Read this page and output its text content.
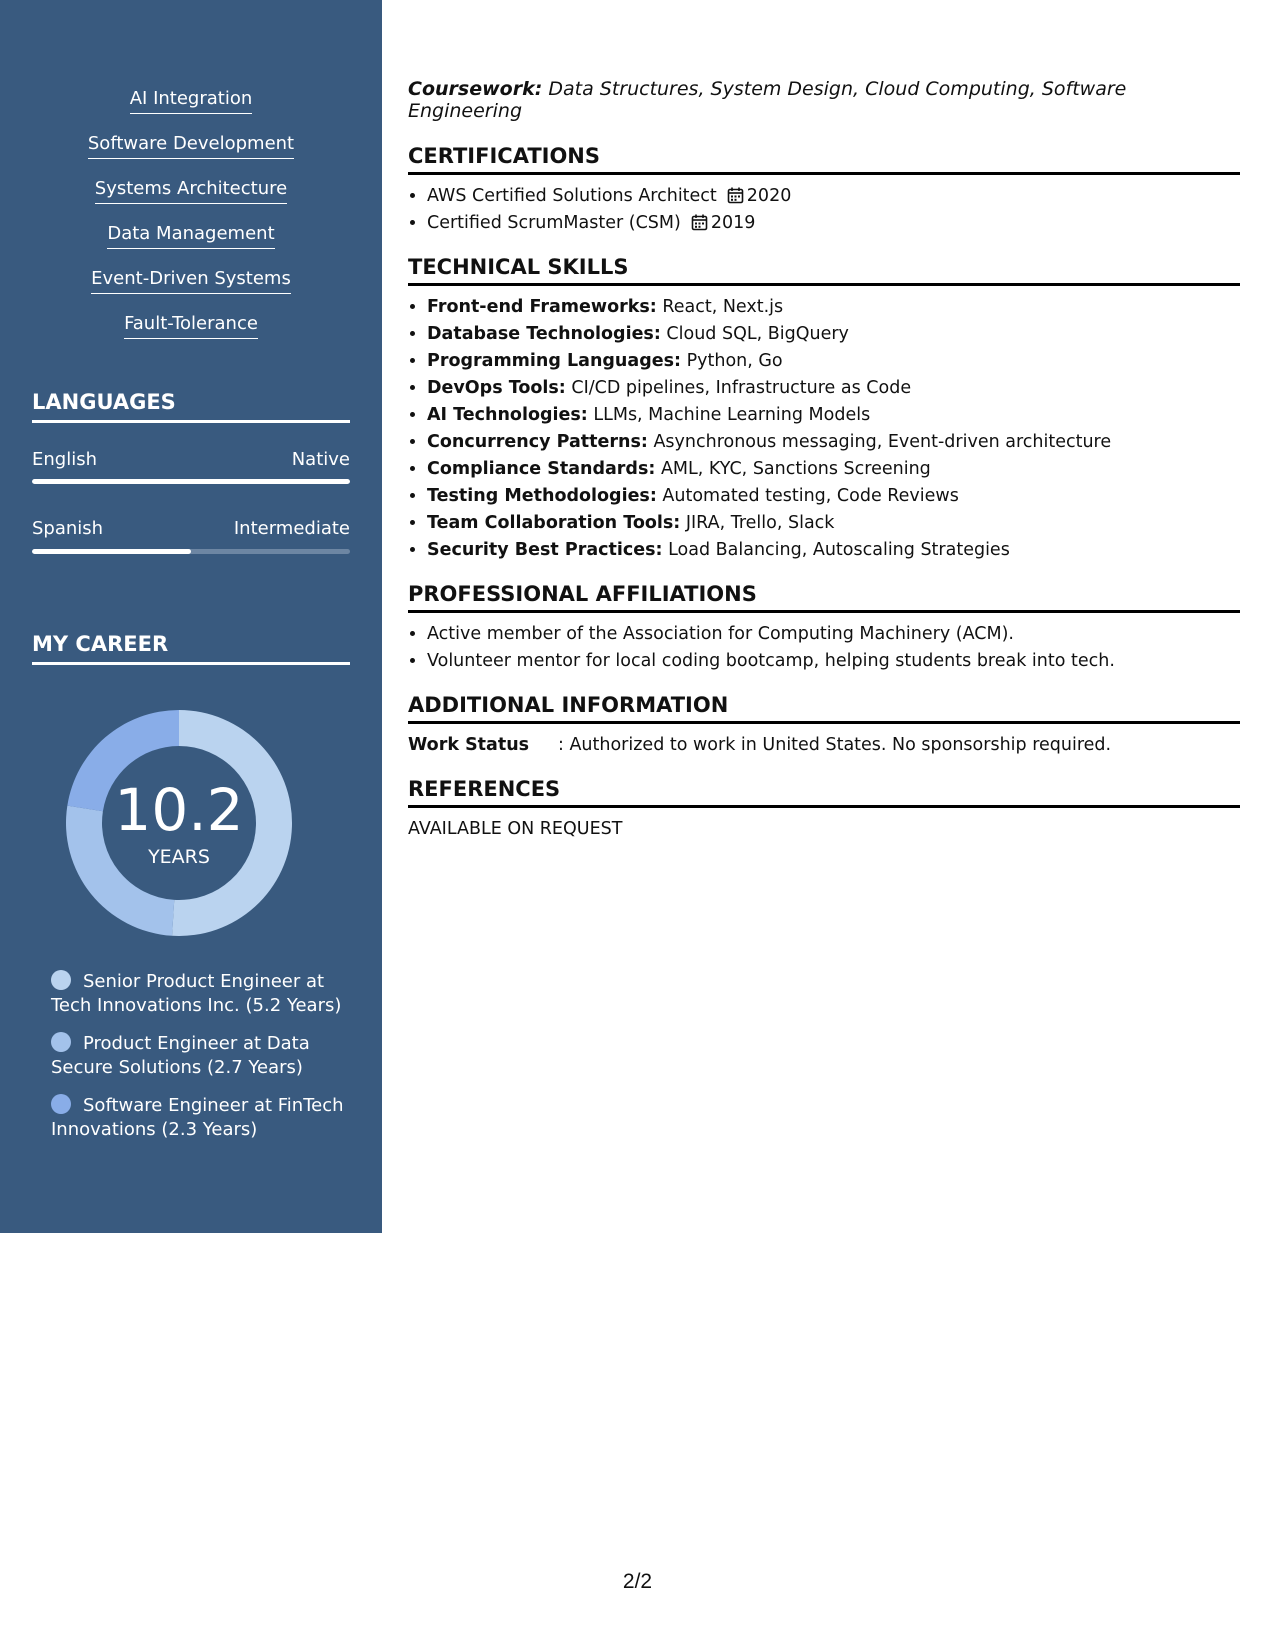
AI Integration
Software Development
Systems Architecture
Data Management
Event-Driven Systems
Fault-Tolerance
LANGUAGES
English	Native
Spanish	Intermediate
MY CAREER
10.2
YEARS
Senior Product Engineer at Tech Innovations Inc. (5.2 Years)
Product Engineer at Data Secure Solutions (2.7 Years)
Software Engineer at FinTech Innovations (2.3 Years)

Coursework: Data Structures, System Design, Cloud Computing, Software Engineering

CERTIFICATIONS
• AWS Certified Solutions Architect 2020
• Certified ScrumMaster (CSM) 2019
TECHNICAL SKILLS
• Front-end Frameworks: React, Next.js
• Database Technologies: Cloud SQL, BigQuery
• Programming Languages: Python, Go
• DevOps Tools: CI/CD pipelines, Infrastructure as Code
• AI Technologies: LLMs, Machine Learning Models
• Concurrency Patterns: Asynchronous messaging, Event-driven architecture
• Compliance Standards: AML, KYC, Sanctions Screening
• Testing Methodologies: Automated testing, Code Reviews
• Team Collaboration Tools: JIRA, Trello, Slack
• Security Best Practices: Load Balancing, Autoscaling Strategies
PROFESSIONAL AFFILIATIONS
• Active member of the Association for Computing Machinery (ACM).
• Volunteer mentor for local coding bootcamp, helping students break into tech.
ADDITIONAL INFORMATION
Work Status	: Authorized to work in United States. No sponsorship required.
REFERENCES

AVAILABLE ON REQUEST

2/2
